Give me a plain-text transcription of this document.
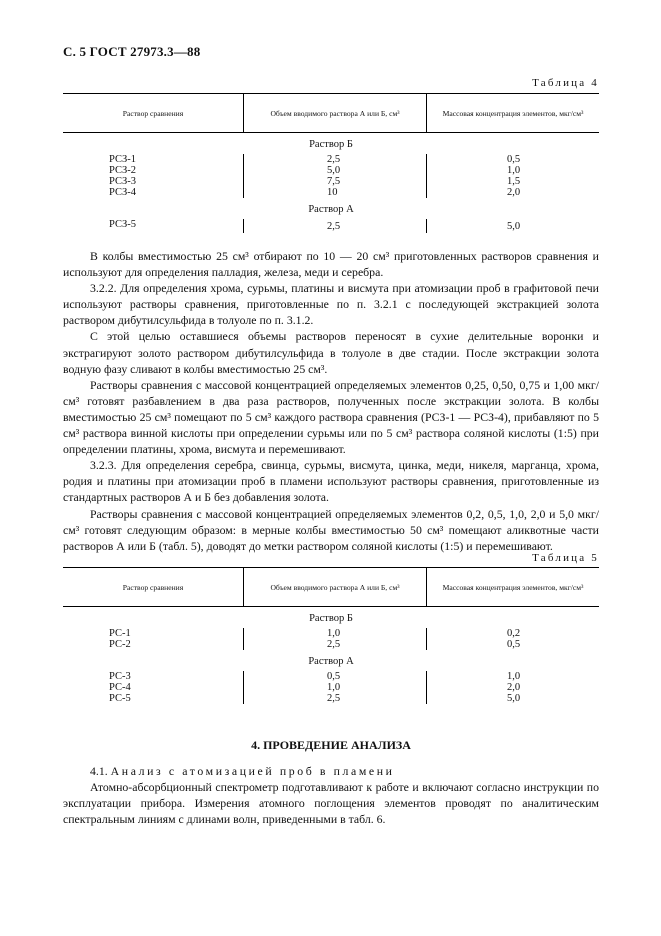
С. 5 ГОСТ 27973.3—88
Таблица 4
Раствор сравнения	Объем вводимого раствора А или Б, см³	Массовая концентрация элементов, мкг/см³
Раствор Б		
РСЗ-1	2,5	0,5
РСЗ-2	5,0	1,0
РСЗ-3	7,5	1,5
РСЗ-4	10	2,0
Раствор А		
РСЗ-5	2,5	5,0

В колбы вместимостью 25 см³ отбирают по 10 — 20 см³ приготовленных растворов сравнения и используют для определения палладия, железа, меди и серебра.

3.2.2. Для определения хрома, сурьмы, платины и висмута при атомизации проб в графитовой печи используют растворы сравнения, приготовленные по п. 3.2.1 с последующей экстракцией золота раствором дибутилсульфида в толуоле по п. 3.1.2.

С этой целью оставшиеся объемы растворов переносят в сухие делительные воронки и экстрагируют золото раствором дибутилсульфида в толуоле в две стадии. После экстракции золота водную фазу сливают в колбы вместимостью 25 см³.

Растворы сравнения с массовой концентрацией определяемых элементов 0,25, 0,50, 0,75 и 1,00 мкг/см³ готовят разбавлением в два раза растворов, полученных после экстракции золота. В колбы вместимостью 25 см³ помещают по 5 см³ каждого раствора сравнения (РСЗ-1 — РСЗ-4), прибавляют по 5 см³ раствора винной кислоты при определении сурьмы или по 5 см³ раствора соляной кислоты (1:5) при определении платины, хрома, висмута и перемешивают.

3.2.3. Для определения серебра, свинца, сурьмы, висмута, цинка, меди, никеля, марганца, хрома, родия и платины при атомизации проб в пламени используют растворы сравнения, приготовленные из стандартных растворов А и Б без добавления золота.

Растворы сравнения с массовой концентрацией определяемых элементов 0,2, 0,5, 1,0, 2,0 и 5,0 мкг/см³ готовят следующим образом: в мерные колбы вместимостью 50 см³ помещают аликвотные части растворов А или Б (табл. 5), доводят до метки раствором соляной кислоты (1:5) и перемешивают.

Таблица 5
Раствор сравнения	Объем вводимого раствора А или Б, см³	Массовая концентрация элементов, мкг/см³
Раствор Б		
РС-1	1,0	0,2
РС-2	2,5	0,5
Раствор А		
РС-3	0,5	1,0
РС-4	1,0	2,0
РС-5	2,5	5,0
4. ПРОВЕДЕНИЕ АНАЛИЗА

4.1. Анализ с атомизацией проб в пламени

Атомно-абсорбционный спектрометр подготавливают к работе и включают согласно инструкции по эксплуатации прибора. Измерения атомного поглощения элементов проводят по аналитическим спектральным линиям с длинами волн, приведенными в табл. 6.
